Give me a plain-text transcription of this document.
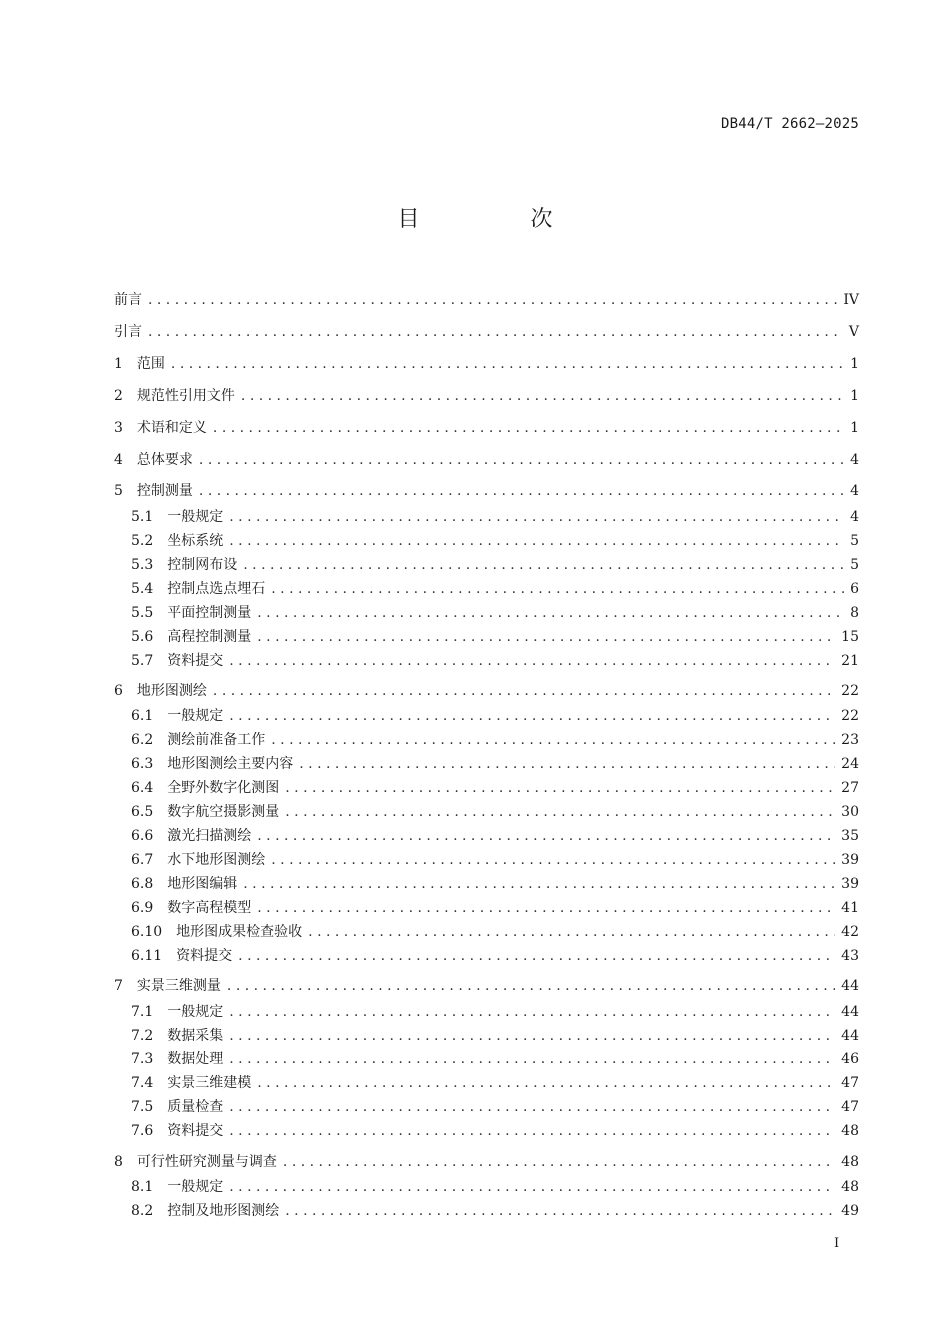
DB44/T 2662—2025
目 次
前言 . . .	IV
引言 . . .	V
1 范围 . . .	1
2 规范性引用文件 . . .	1
3 术语和定义 . . .	1
4 总体要求 . . .	4
5 控制测量 . . .	4
5.1 一般规定 . . .	4
5.2 坐标系统 . . .	5
5.3 控制网布设 . . .	5
5.4 控制点选点埋石 . . .	6
5.5 平面控制测量 . . .	8
5.6 高程控制测量 . . .	15
5.7 资料提交 . . .	21
6 地形图测绘 . . .	22
6.1 一般规定 . . .	22
6.2 测绘前准备工作 . . .	23
6.3 地形图测绘主要内容 . . .	24
6.4 全野外数字化测图 . . .	27
6.5 数字航空摄影测量 . . .	30
6.6 激光扫描测绘 . . .	35
6.7 水下地形图测绘 . . .	39
6.8 地形图编辑 . . .	39
6.9 数字高程模型 . . .	41
6.10 地形图成果检查验收 . . .	42
6.11 资料提交 . . .	43
7 实景三维测量 . . .	44
7.1 一般规定 . . .	44
7.2 数据采集 . . .	44
7.3 数据处理 . . .	46
7.4 实景三维建模 . . .	47
7.5 质量检查 . . .	47
7.6 资料提交 . . .	48
8 可行性研究测量与调查 . . .	48
8.1 一般规定 . . .	48
8.2 控制及地形图测绘 . . .	49
I
